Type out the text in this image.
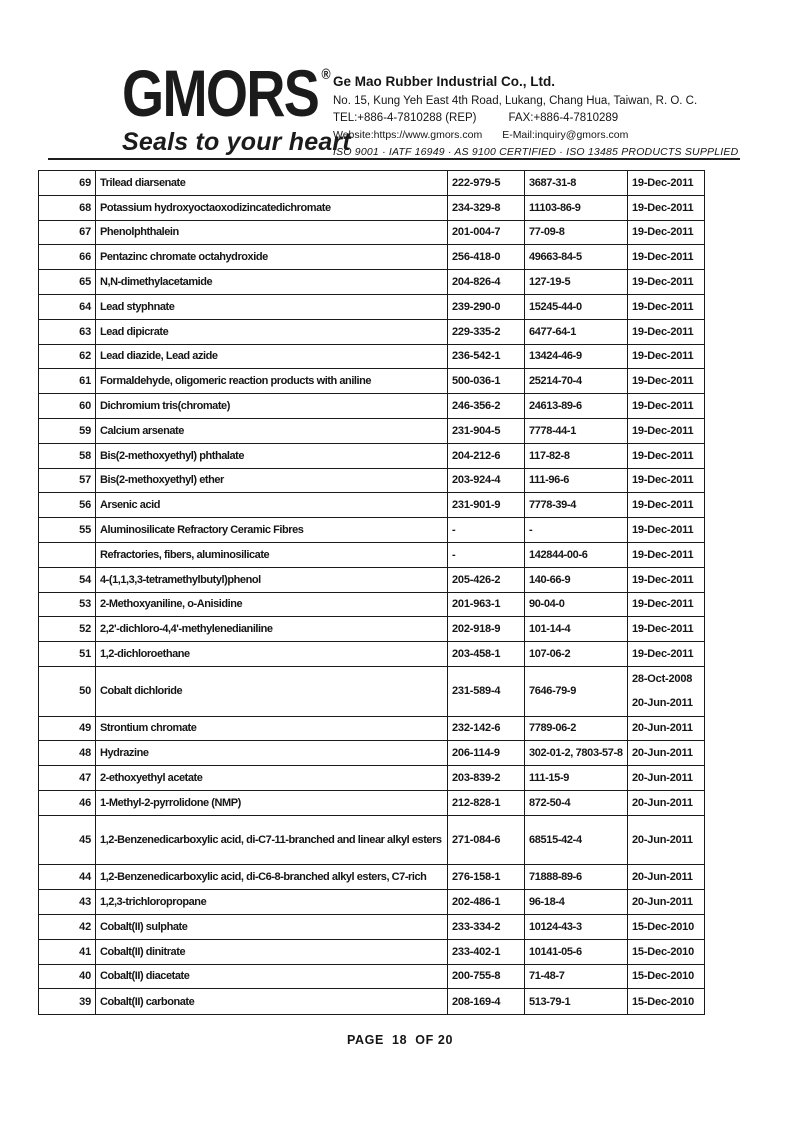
GMORS ®
Seals to your heart
Ge Mao Rubber Industrial Co., Ltd.
No. 15, Kung Yeh East 4th Road, Lukang, Chang Hua, Taiwan, R. O. C.
TEL:+886-4-7810288 (REP)	FAX:+886-4-7810289
Website:https://www.gmors.com E-Mail:inquiry@gmors.com
ISO 9001 · IATF 16949 · AS 9100 CERTIFIED · ISO 13485 PRODUCTS SUPPLIED
69 Trilead diarsenate	222-979-5	3687-31-8	19-Dec-2011
68 Potassium hydroxyoctaoxodizincatedichromate	234-329-8	11103-86-9	19-Dec-2011
67 Phenolphthalein	201-004-7	77-09-8	19-Dec-2011
66 Pentazinc chromate octahydroxide	256-418-0	49663-84-5	19-Dec-2011
65 N,N-dimethylacetamide	204-826-4	127-19-5	19-Dec-2011
64 Lead styphnate	239-290-0	15245-44-0	19-Dec-2011
63 Lead dipicrate	229-335-2	6477-64-1	19-Dec-2011
62 Lead diazide, Lead azide	236-542-1	13424-46-9	19-Dec-2011
61 Formaldehyde, oligomeric reaction products with aniline	500-036-1	25214-70-4	19-Dec-2011
60 Dichromium tris(chromate)	246-356-2	24613-89-6	19-Dec-2011
59 Calcium arsenate	231-904-5	7778-44-1	19-Dec-2011
58 Bis(2-methoxyethyl) phthalate	204-212-6	117-82-8	19-Dec-2011
57 Bis(2-methoxyethyl) ether	203-924-4	111-96-6	19-Dec-2011
56 Arsenic acid	231-901-9	7778-39-4	19-Dec-2011
55 Aluminosilicate Refractory Ceramic Fibres	-	-	19-Dec-2011
Refractories, fibers, aluminosilicate	-	142844-00-6	19-Dec-2011
54 4-(1,1,3,3-tetramethylbutyl)phenol	205-426-2	140-66-9	19-Dec-2011
53 2-Methoxyaniline, o-Anisidine	201-963-1	90-04-0	19-Dec-2011
52 2,2'-dichloro-4,4'-methylenedianiline	202-918-9	101-14-4	19-Dec-2011
51 1,2-dichloroethane	203-458-1	107-06-2	19-Dec-2011
50 Cobalt dichloride	231-589-4	7646-79-9
28-Oct-2008
20-Jun-2011
49 Strontium chromate	232-142-6	7789-06-2	20-Jun-2011
48 Hydrazine	206-114-9	302-01-2, 7803-57-8 20-Jun-2011
47 2-ethoxyethyl acetate	203-839-2	111-15-9	20-Jun-2011
46 1-Methyl-2-pyrrolidone (NMP)	212-828-1	872-50-4	20-Jun-2011
45 1,2-Benzenedicarboxylic acid, di-C7-11-branched and linear alkyl esters 271-084-6	68515-42-4	20-Jun-2011
44 1,2-Benzenedicarboxylic acid, di-C6-8-branched alkyl esters, C7-rich	276-158-1	71888-89-6	20-Jun-2011
43 1,2,3-trichloropropane	202-486-1	96-18-4	20-Jun-2011
42 Cobalt(II) sulphate	233-334-2	10124-43-3	15-Dec-2010
41 Cobalt(II) dinitrate	233-402-1	10141-05-6	15-Dec-2010
40 Cobalt(II) diacetate	200-755-8	71-48-7	15-Dec-2010
39 Cobalt(II) carbonate	208-169-4	513-79-1	15-Dec-2010
PAGE  18  OF 20
